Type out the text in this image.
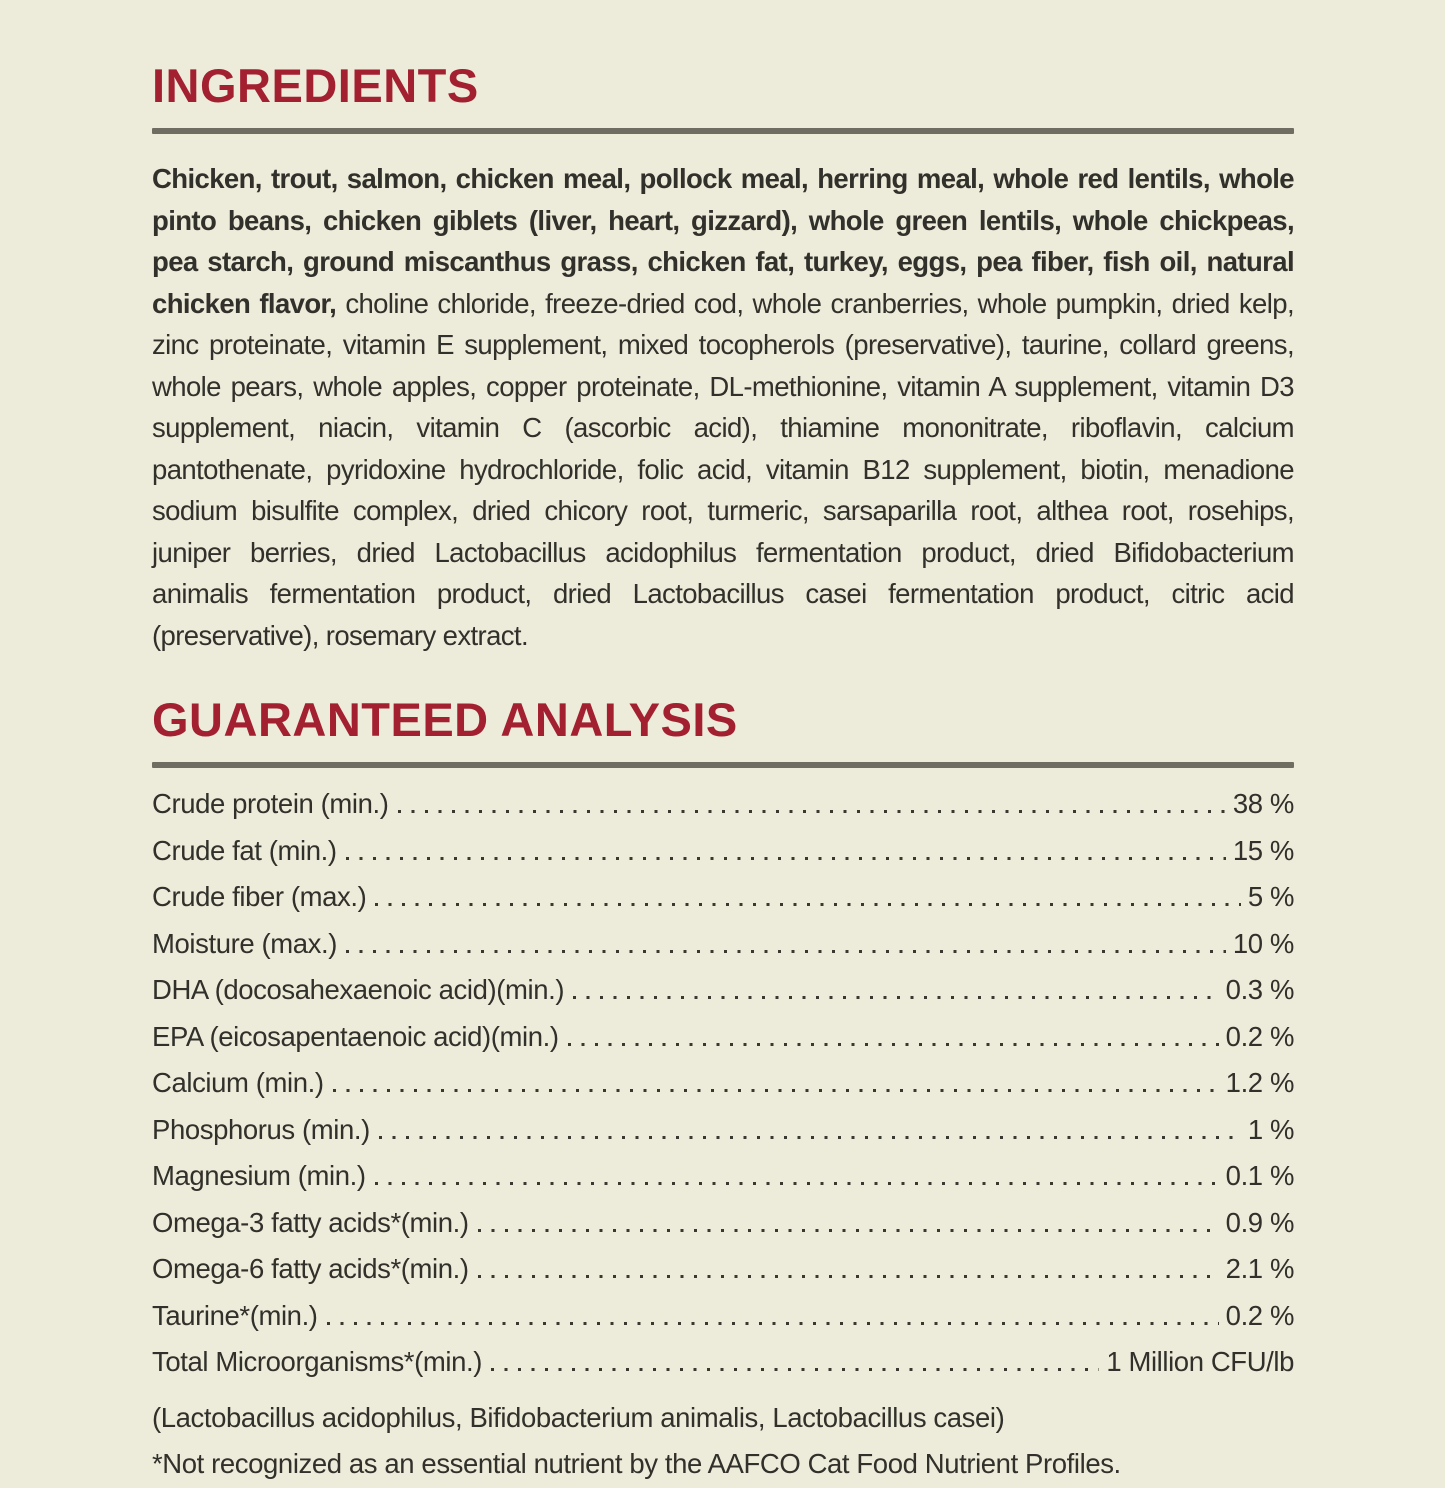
INGREDIENTS

Chicken, trout, salmon, chicken meal, pollock meal, herring meal, whole red lentils, whole pinto beans, chicken giblets (liver, heart, gizzard), whole green lentils, whole chickpeas, pea starch, ground miscanthus grass, chicken fat, turkey, eggs, pea fiber, fish oil, natural chicken flavor, choline chloride, freeze-dried cod, whole cranberries, whole pumpkin, dried kelp, zinc proteinate, vitamin E supplement, mixed tocopherols (preservative), taurine, collard greens, whole pears, whole apples, copper proteinate, DL-methionine, vitamin A supplement, vitamin D3 supplement, niacin, vitamin C (ascorbic acid), thiamine mononitrate, riboflavin, calcium pantothenate, pyridoxine hydrochloride, folic acid, vitamin B12 supplement, biotin, menadione sodium bisulfite complex, dried chicory root, turmeric, sarsaparilla root, althea root, rosehips, juniper berries, dried Lactobacillus acidophilus fermentation product, dried Bifidobacterium animalis fermentation product, dried Lactobacillus casei fermentation product, citric acid (preservative), rosemary extract.

GUARANTEED ANALYSIS
Crude protein (min.)	38 %
Crude fat (min.)	15 %
Crude fiber (max.)	5 %
Moisture (max.)	10 %
DHA (docosahexaenoic acid)(min.)	0.3 %
EPA (eicosapentaenoic acid)(min.)	0.2 %
Calcium (min.)	1.2 %
Phosphorus (min.)	1 %
Magnesium (min.)	0.1 %
Omega-3 fatty acids*(min.)	0.9 %
Omega-6 fatty acids*(min.)	2.1 %
Taurine*(min.)	0.2 %
Total Microorganisms*(min.)	1 Million CFU/lb

(Lactobacillus acidophilus, Bifidobacterium animalis, Lactobacillus casei)

*Not recognized as an essential nutrient by the AAFCO Cat Food Nutrient Profiles.
